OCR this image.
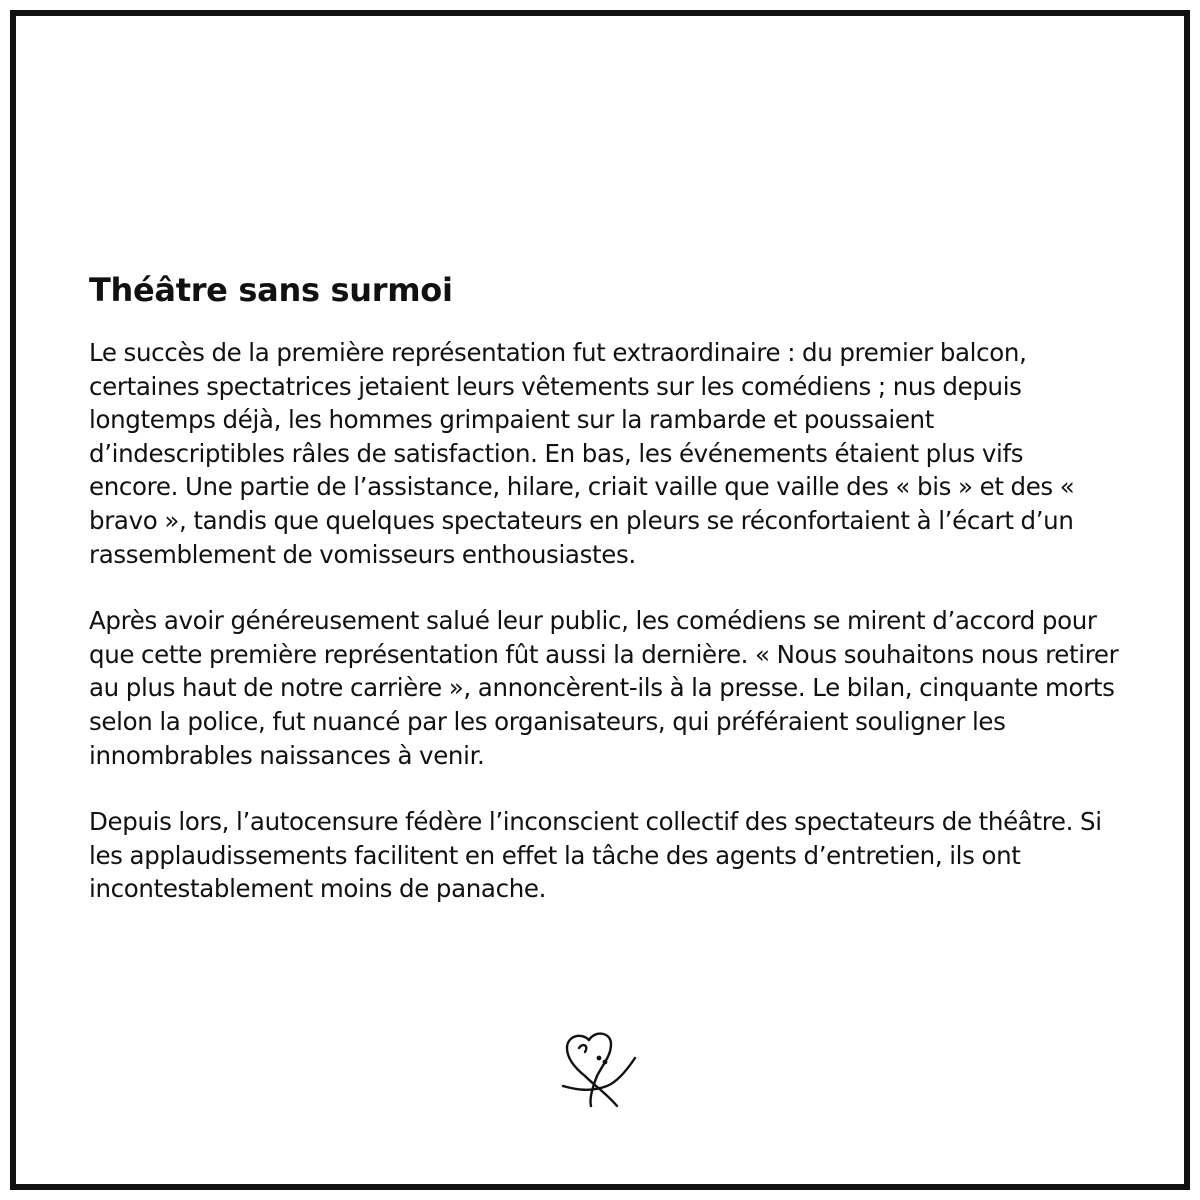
Théâtre sans surmoi

Le succès de la première représentation fut extraordinaire : du premier balcon, certaines spectatrices jetaient leurs vêtements sur les comédiens ; nus depuis longtemps déjà, les hommes grimpaient sur la rambarde et poussaient d’indescriptibles râles de satisfaction. En bas, les événements étaient plus vifs encore. Une partie de l’assistance, hilare, criait vaille que vaille des « bis » et des « bravo », tandis que quelques spectateurs en pleurs se réconfortaient à l’écart d’un rassemblement de vomisseurs enthousiastes.

Après avoir généreusement salué leur public, les comédiens se mirent d’accord pour que cette première représentation fût aussi la dernière. « Nous souhaitons nous retirer au plus haut de notre carrière », annoncèrent-ils à la presse. Le bilan, cinquante morts selon la police, fut nuancé par les organisateurs, qui préféraient souligner les innombrables naissances à venir.

Depuis lors, l’autocensure fédère l’inconscient collectif des spectateurs de théâtre. Si les applaudissements facilitent en effet la tâche des agents d’entretien, ils ont incontestablement moins de panache.
